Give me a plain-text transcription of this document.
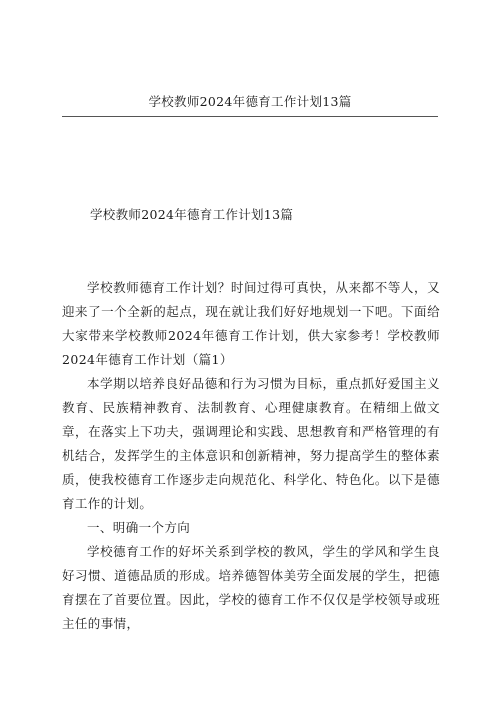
学校教师2024年德育工作计划13篇
学校教师2024年德育工作计划13篇

学校教师德育工作计划？时间过得可真快，从来都不等人，又迎来了一个全新的起点，现在就让我们好好地规划一下吧。下面给大家带来学校教师2024年德育工作计划，供大家参考！学校教师2024年德育工作计划（篇1）

本学期以培养良好品德和行为习惯为目标，重点抓好爱国主义教育、民族精神教育、法制教育、心理健康教育。在精细上做文章，在落实上下功夫，强调理论和实践、思想教育和严格管理的有机结合，发挥学生的主体意识和创新精神，努力提高学生的整体素质，使我校德育工作逐步走向规范化、科学化、特色化。以下是德育工作的计划。

一、明确一个方向

学校德育工作的好坏关系到学校的教风，学生的学风和学生良好习惯、道德品质的形成。培养德智体美劳全面发展的学生，把德育摆在了首要位置。因此，学校的德育工作不仅仅是学校领导或班主任的事情，
